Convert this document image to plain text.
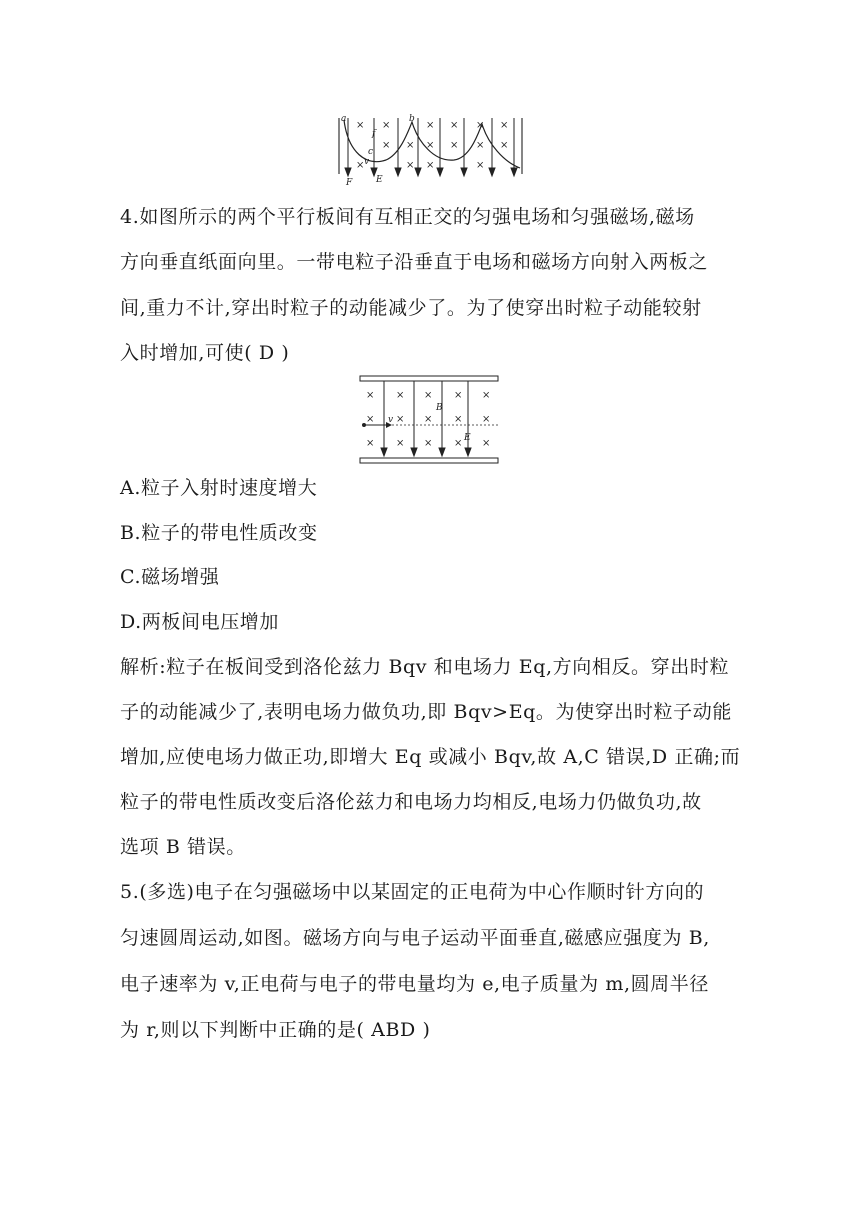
× ×	× × × ×
× × × × × ×
×	× ×	×
a	b
c
v
f
F	E
4.如图所示的两个平行板间有互相正交的匀强电场和匀强磁场,磁场
方向垂直纸面向里。一带电粒子沿垂直于电场和磁场方向射入两板之
间,重力不计,穿出时粒子的动能减少了。为了使穿出时粒子动能较射
入时增加,可使( D )
× × × × ×
× × × × ×
× × × × ×
v
B
E
A.粒子入射时速度增大
B.粒子的带电性质改变
C.磁场增强
D.两板间电压增加
解析:粒子在板间受到洛伦兹力 Bqv 和电场力 Eq,方向相反。穿出时粒
子的动能减少了,表明电场力做负功,即 Bqv>Eq。为使穿出时粒子动能
增加,应使电场力做正功,即增大 Eq 或减小 Bqv,故 A,C 错误,D 正确;而
粒子的带电性质改变后洛伦兹力和电场力均相反,电场力仍做负功,故
选项 B 错误。
5.(多选)电子在匀强磁场中以某固定的正电荷为中心作顺时针方向的
匀速圆周运动,如图。磁场方向与电子运动平面垂直,磁感应强度为 B,
电子速率为 v,正电荷与电子的带电量均为 e,电子质量为 m,圆周半径
为 r,则以下判断中正确的是( ABD )
